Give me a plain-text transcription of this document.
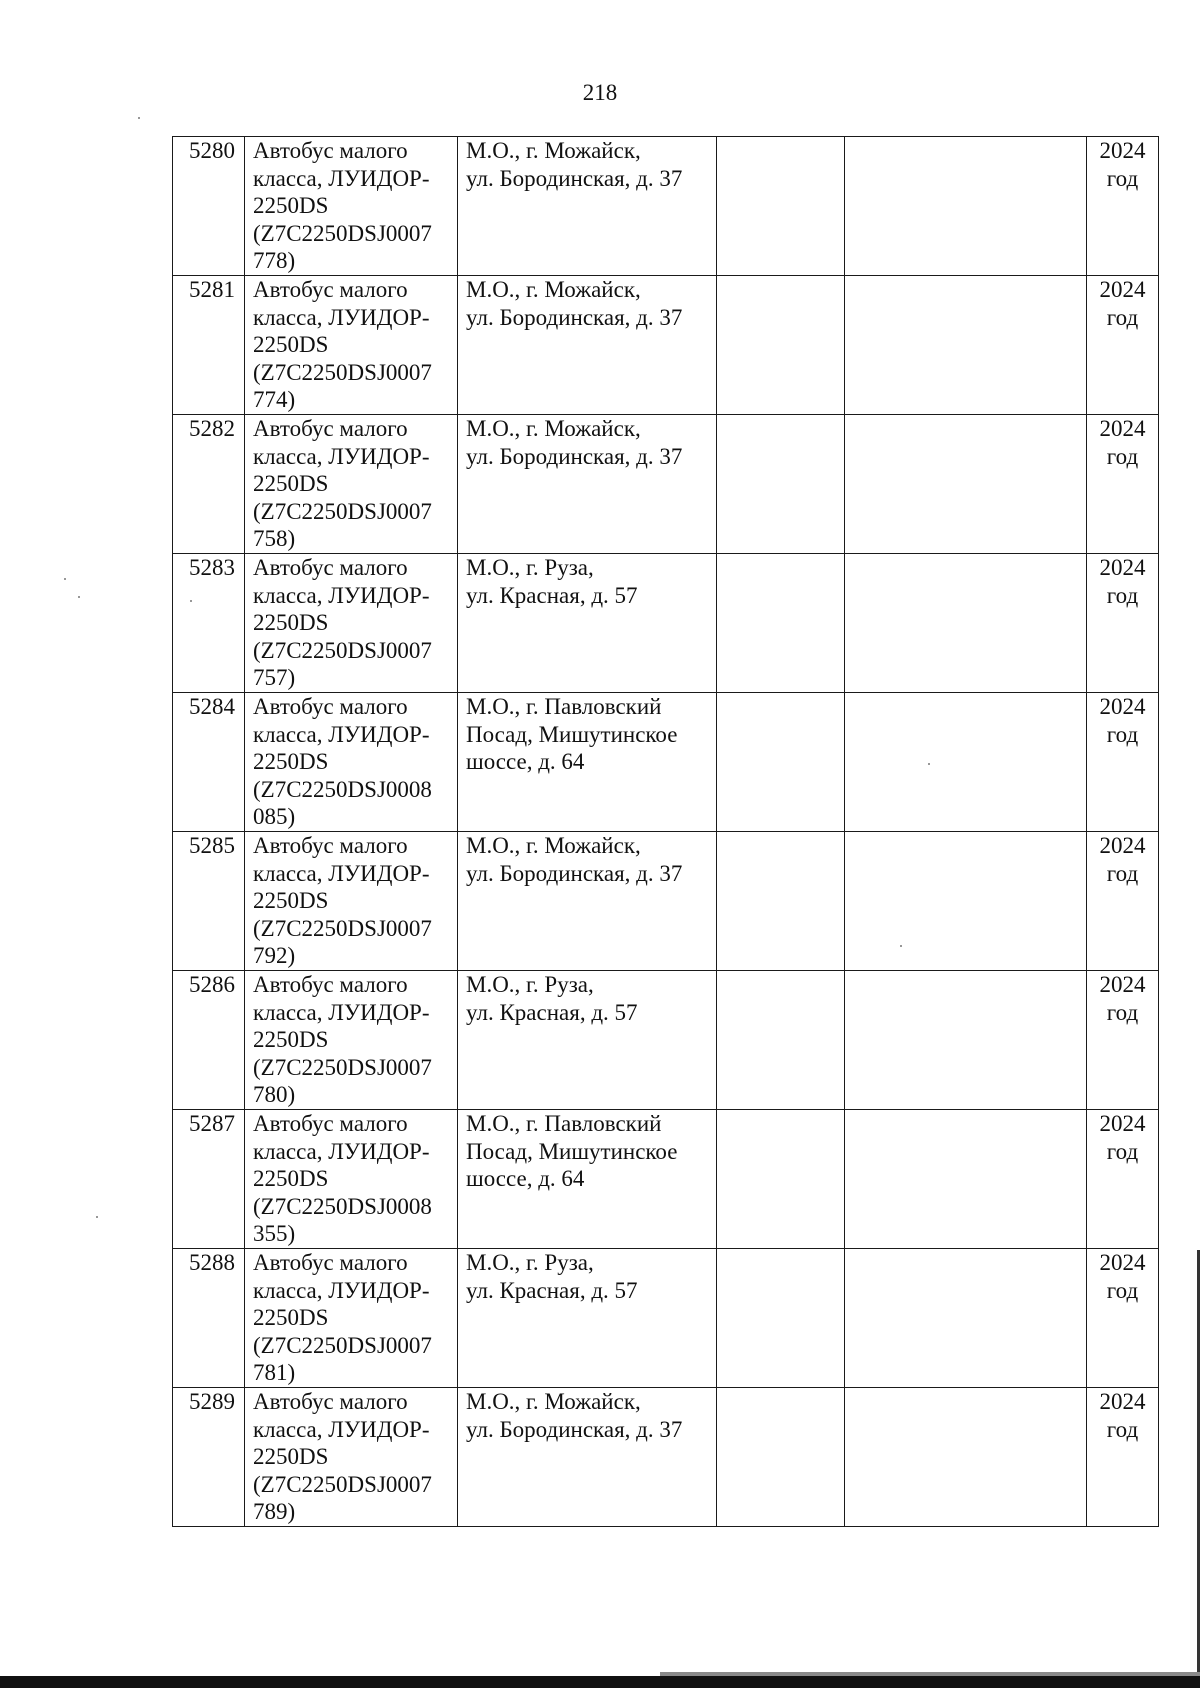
218
5280	Автобус малого
класса, ЛУИДОР-
2250DS
(Z7C2250DSJ0007
778)	М.О., г. Можайск,
ул. Бородинская, д. 37			2024
год

5281	Автобус малого
класса, ЛУИДОР-
2250DS
(Z7C2250DSJ0007
774)	М.О., г. Можайск,
ул. Бородинская, д. 37			2024
год

5282	Автобус малого
класса, ЛУИДОР-
2250DS
(Z7C2250DSJ0007
758)	М.О., г. Можайск,
ул. Бородинская, д. 37			2024
год

5283	Автобус малого
класса, ЛУИДОР-
2250DS
(Z7C2250DSJ0007
757)	М.О., г. Руза,
ул. Красная, д. 57			2024
год

5284	Автобус малого
класса, ЛУИДОР-
2250DS
(Z7C2250DSJ0008
085)	М.О., г. Павловский
Посад, Мишутинское
шоссе, д. 64			2024
год

5285	Автобус малого
класса, ЛУИДОР-
2250DS
(Z7C2250DSJ0007
792)	М.О., г. Можайск,
ул. Бородинская, д. 37			2024
год

5286	Автобус малого
класса, ЛУИДОР-
2250DS
(Z7C2250DSJ0007
780)	М.О., г. Руза,
ул. Красная, д. 57			2024
год

5287	Автобус малого
класса, ЛУИДОР-
2250DS
(Z7C2250DSJ0008
355)	М.О., г. Павловский
Посад, Мишутинское
шоссе, д. 64			2024
год

5288	Автобус малого
класса, ЛУИДОР-
2250DS
(Z7C2250DSJ0007
781)	М.О., г. Руза,
ул. Красная, д. 57			2024
год

5289	Автобус малого
класса, ЛУИДОР-
2250DS
(Z7C2250DSJ0007
789)	М.О., г. Можайск,
ул. Бородинская, д. 37			2024
год
